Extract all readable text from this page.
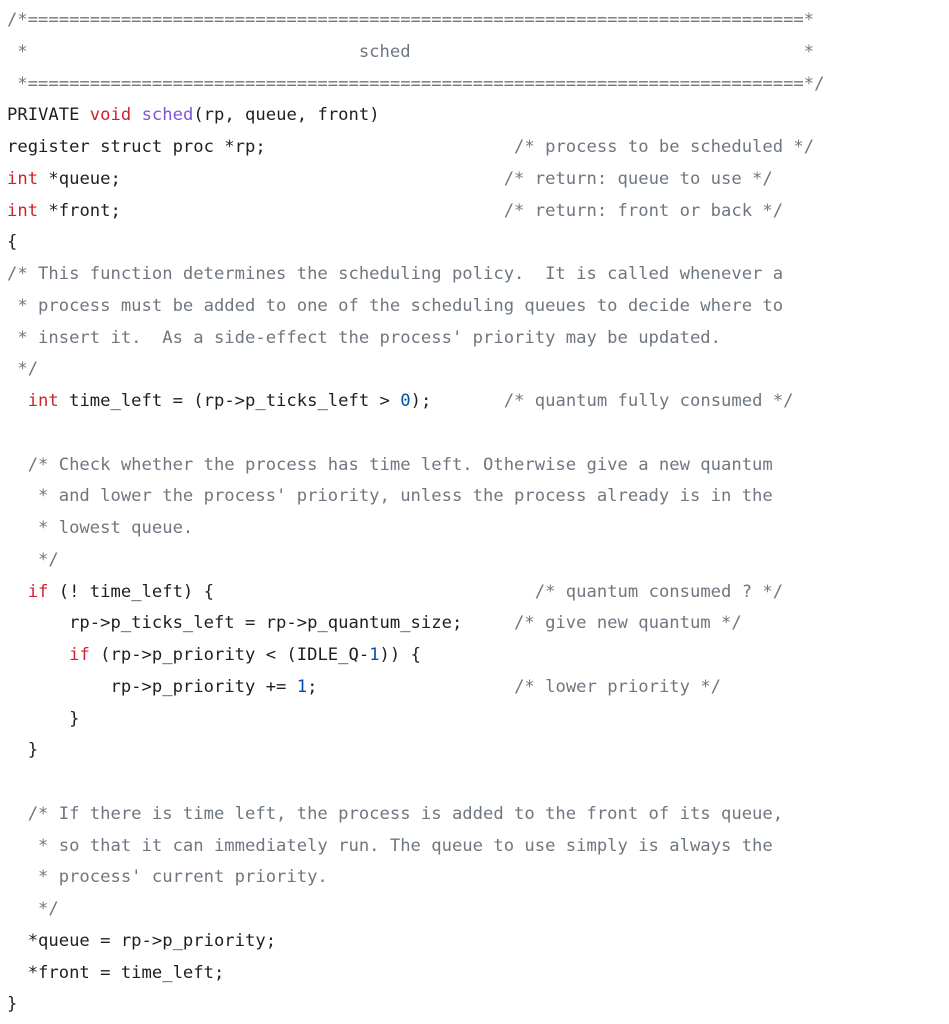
/*===========================================================================*
*                                sched                                      *
*===========================================================================*/
PRIVATE void sched(rp, queue, front)
register struct proc *rp;                        /* process to be scheduled */
int *queue;                                     /* return: queue to use */
int *front;                                     /* return: front or back */
{
/* This function determines the scheduling policy.  It is called whenever a
* process must be added to one of the scheduling queues to decide where to
* insert it.  As a side-effect the process' priority may be updated.
*/
int time_left = (rp->p_ticks_left > 0);       /* quantum fully consumed */
/* Check whether the process has time left. Otherwise give a new quantum
* and lower the process' priority, unless the process already is in the
* lowest queue.
*/
if (! time_left) {                               /* quantum consumed ? */
rp->p_ticks_left = rp->p_quantum_size;     /* give new quantum */
if (rp->p_priority < (IDLE_Q-1)) {
rp->p_priority += 1;                   /* lower priority */
}
}
/* If there is time left, the process is added to the front of its queue,
* so that it can immediately run. The queue to use simply is always the
* process' current priority.
*/
*queue = rp->p_priority;
*front = time_left;
}
